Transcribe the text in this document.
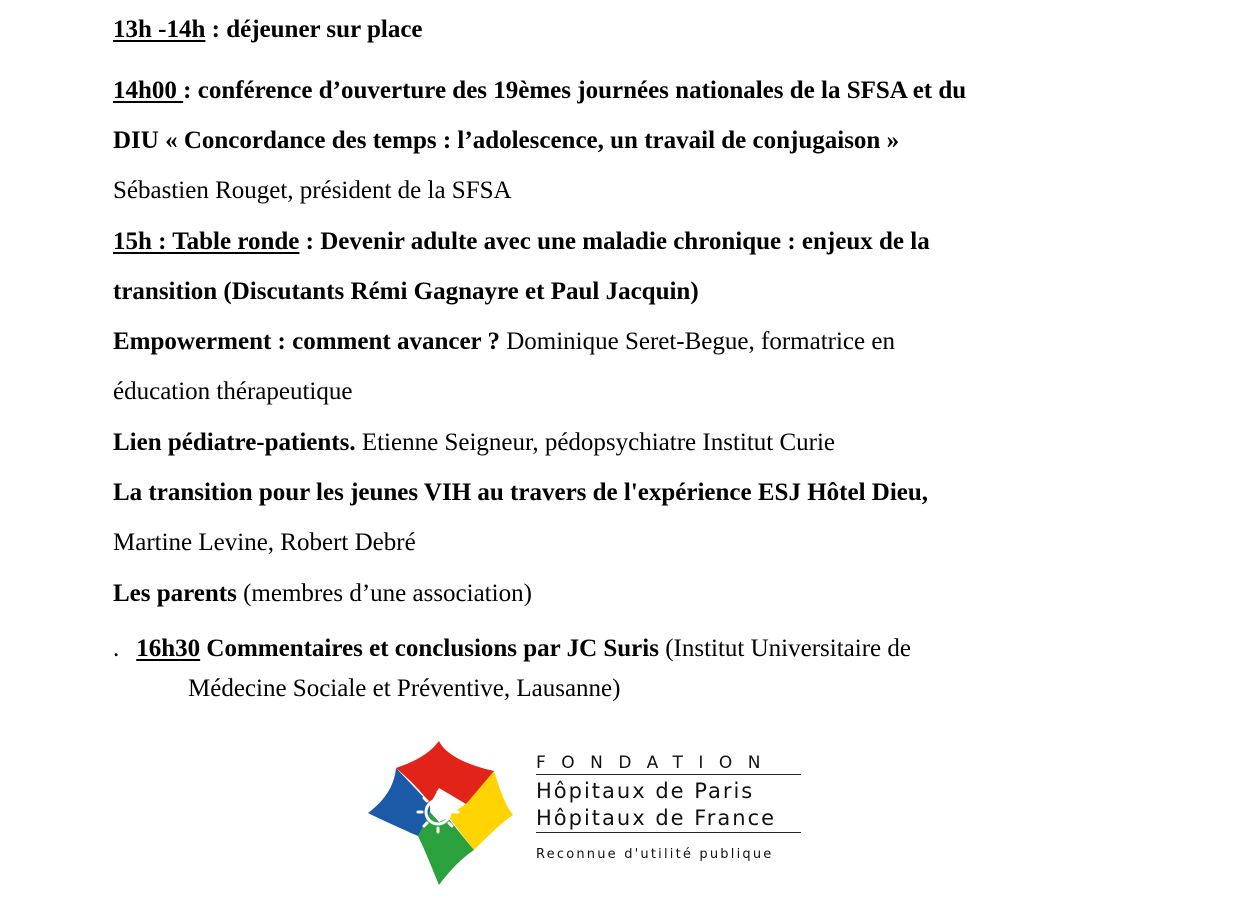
13h -14h : déjeuner sur place
14h00 : conférence d’ouverture des 19èmes journées nationales de la SFSA et du
DIU « Concordance des temps : l’adolescence, un travail de conjugaison »
Sébastien Rouget, président de la SFSA
15h : Table ronde : Devenir adulte avec une maladie chronique : enjeux de la
transition (Discutants Rémi Gagnayre et Paul Jacquin)
Empowerment : comment avancer ? Dominique Seret-Begue, formatrice en
éducation thérapeutique
Lien pédiatre-patients. Etienne Seigneur, pédopsychiatre Institut Curie
La transition pour les jeunes VIH au travers de l'expérience ESJ Hôtel Dieu,
Martine Levine, Robert Debré
Les parents (membres d’une association)
. 16h30 Commentaires et conclusions par JC Suris (Institut Universitaire de
Médecine Sociale et Préventive, Lausanne)
FONDATION
Hôpitaux de Paris
Hôpitaux de France
Reconnue d'utilité publique
